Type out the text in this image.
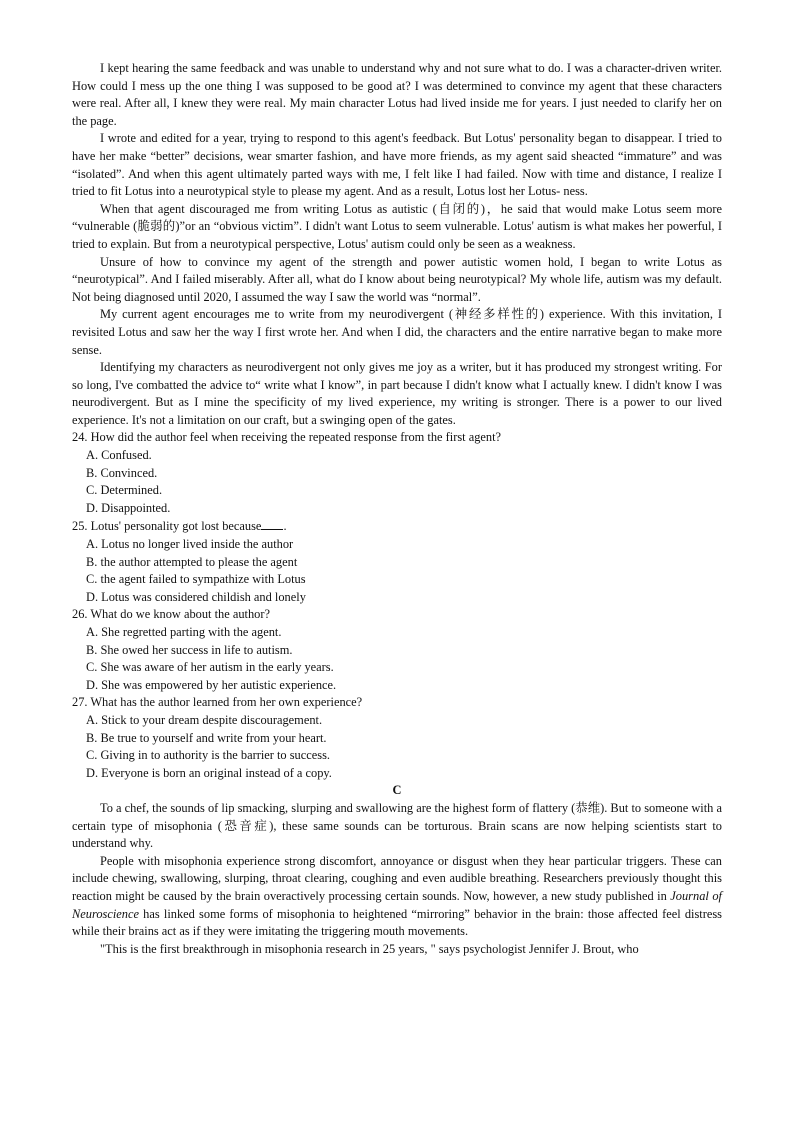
I kept hearing the same feedback and was unable to understand why and not sure what to do. I was a character-driven writer. How could I mess up the one thing I was supposed to be good at? I was determined to convince my agent that these characters were real. After all, I knew they were real. My main character Lotus had lived inside me for years. I just needed to clarify her on the page.

I wrote and edited for a year, trying to respond to this agent's feedback. But Lotus' personality began to disappear. I tried to have her make “better” decisions, wear smarter fashion, and have more friends, as my agent said sheacted “immature” and was “isolated”. And when this agent ultimately parted ways with me, I felt like I had failed. Now with time and distance, I realize I tried to fit Lotus into a neurotypical style to please my agent. And as a result, Lotus lost her Lotus- ness.

When that agent discouraged me from writing Lotus as autistic (自闭的)，he said that would make Lotus seem more “vulnerable (脆弱的)”or an “obvious victim”. I didn't want Lotus to seem vulnerable. Lotus' autism is what makes her powerful, I tried to explain. But from a neurotypical perspective, Lotus' autism could only be seen as a weakness.

Unsure of how to convince my agent of the strength and power autistic women hold, I began to write Lotus as “neurotypical”. And I failed miserably. After all, what do I know about being neurotypical? My whole life, autism was my default. Not being diagnosed until 2020, I assumed the way I saw the world was “normal”.

My current agent encourages me to write from my neurodivergent (神经多样性的) experience. With this invitation, I revisited Lotus and saw her the way I first wrote her. And when I did, the characters and the entire narrative began to make more sense.

Identifying my characters as neurodivergent not only gives me joy as a writer, but it has produced my strongest writing. For so long, I've combatted the advice to“ write what I know”, in part because I didn't know what I actually knew. I didn't know I was neurodivergent. But as I mine the specificity of my lived experience, my writing is stronger. There is a power to our lived experience. It's not a limitation on our craft, but a swinging open of the gates.

24. How did the author feel when receiving the repeated response from the first agent?

A. Confused.

B. Convinced.

C. Determined.

D. Disappointed.

25. Lotus' personality got lost because .

A. Lotus no longer lived inside the author

B. the author attempted to please the agent

C. the agent failed to sympathize with Lotus

D. Lotus was considered childish and lonely

26. What do we know about the author?

A. She regretted parting with the agent.

B. She owed her success in life to autism.

C. She was aware of her autism in the early years.

D. She was empowered by her autistic experience.

27. What has the author learned from her own experience?

A. Stick to your dream despite discouragement.

B. Be true to yourself and write from your heart.

C. Giving in to authority is the barrier to success.

D. Everyone is born an original instead of a copy.

C

To a chef, the sounds of lip smacking, slurping and swallowing are the highest form of flattery (恭维). But to someone with a certain type of misophonia (恐音症), these same sounds can be torturous. Brain scans are now helping scientists start to understand why.

People with misophonia experience strong discomfort, annoyance or disgust when they hear particular triggers. These can include chewing, swallowing, slurping, throat clearing, coughing and even audible breathing. Researchers previously thought this reaction might be caused by the brain overactively processing certain sounds. Now, however, a new study published in Journal of Neuroscience has linked some forms of misophonia to heightened “mirroring” behavior in the brain: those affected feel distress while their brains act as if they were imitating the triggering mouth movements.

"This is the first breakthrough in misophonia research in 25 years, " says psychologist Jennifer J. Brout, who
